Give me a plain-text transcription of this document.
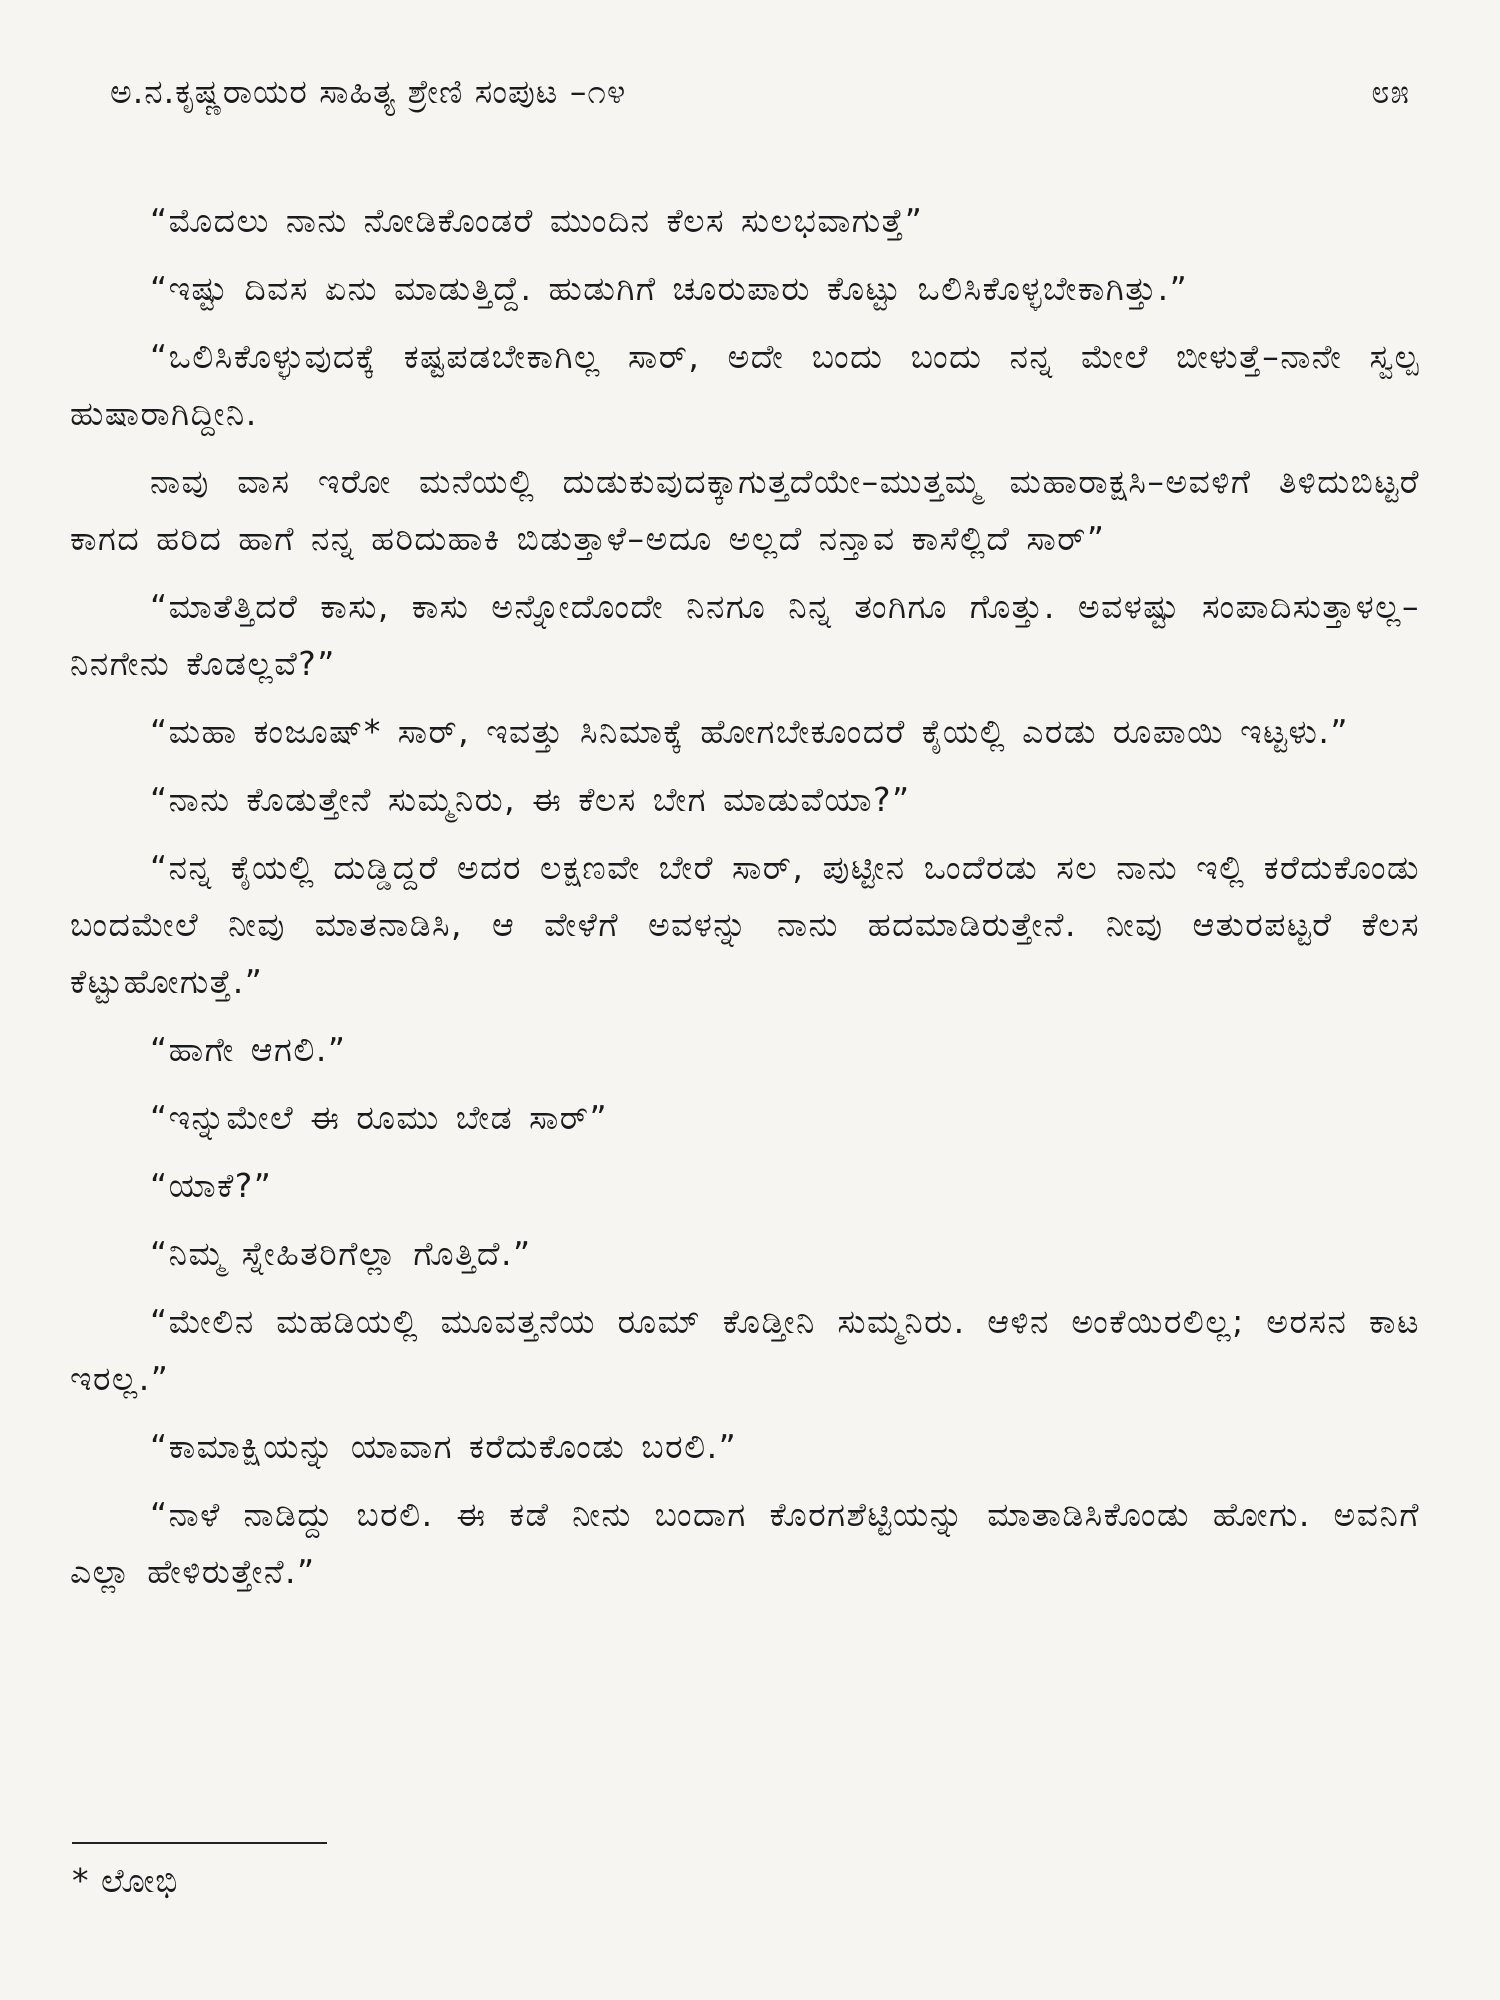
ಅ.ನ.ಕೃಷ್ಣರಾಯರ ಸಾಹಿತ್ಯ ಶ್ರೇಣಿ ಸಂಪುಟ –೧೪	೮೫

“ಮೊದಲು ನಾನು ನೋಡಿಕೊಂಡರೆ ಮುಂದಿನ ಕೆಲಸ ಸುಲಭವಾಗುತ್ತೆ”

“ಇಷ್ಟು ದಿವಸ ಏನು ಮಾಡುತ್ತಿದ್ದೆ. ಹುಡುಗಿಗೆ ಚೂರುಪಾರು ಕೊಟ್ಟು ಒಲಿಸಿಕೊಳ್ಳಬೇಕಾಗಿತ್ತು.”

“ಒಲಿಸಿಕೊಳ್ಳುವುದಕ್ಕೆ ಕಷ್ಟಪಡಬೇಕಾಗಿಲ್ಲ ಸಾರ್, ಅದೇ ಬಂದು ಬಂದು ನನ್ನ ಮೇಲೆ ಬೀಳುತ್ತೆ–ನಾನೇ ಸ್ವಲ್ಪ ಹುಷಾರಾಗಿದ್ದೀನಿ.

ನಾವು ವಾಸ ಇರೋ ಮನೆಯಲ್ಲಿ ದುಡುಕುವುದಕ್ಕಾಗುತ್ತದೆಯೇ–ಮುತ್ತಮ್ಮ ಮಹಾರಾಕ್ಷಸಿ–ಅವಳಿಗೆ ತಿಳಿದುಬಿಟ್ಟರೆ ಕಾಗದ ಹರಿದ ಹಾಗೆ ನನ್ನ ಹರಿದುಹಾಕಿ ಬಿಡುತ್ತಾಳೆ–ಅದೂ ಅಲ್ಲದೆ ನನ್ತಾವ ಕಾಸೆಲ್ಲಿದೆ ಸಾರ್”

“ಮಾತೆತ್ತಿದರೆ ಕಾಸು, ಕಾಸು ಅನ್ನೋದೊಂದೇ ನಿನಗೂ ನಿನ್ನ ತಂಗಿಗೂ ಗೊತ್ತು. ಅವಳಷ್ಟು ಸಂಪಾದಿಸುತ್ತಾಳಲ್ಲ–ನಿನಗೇನು ಕೊಡಲ್ಲವೆ?”

“ಮಹಾ ಕಂಜೂಷ್* ಸಾರ್, ಇವತ್ತು ಸಿನಿಮಾಕ್ಕೆ ಹೋಗಬೇಕೂಂದರೆ ಕೈಯಲ್ಲಿ ಎರಡು ರೂಪಾಯಿ ಇಟ್ಟಳು.”

“ನಾನು ಕೊಡುತ್ತೇನೆ ಸುಮ್ಮನಿರು, ಈ ಕೆಲಸ ಬೇಗ ಮಾಡುವೆಯಾ?”

“ನನ್ನ ಕೈಯಲ್ಲಿ ದುಡ್ಡಿದ್ದರೆ ಅದರ ಲಕ್ಷಣವೇ ಬೇರೆ ಸಾರ್, ಪುಟ್ಟೀನ ಒಂದೆರಡು ಸಲ ನಾನು ಇಲ್ಲಿ ಕರೆದುಕೊಂಡು ಬಂದಮೇಲೆ ನೀವು ಮಾತನಾಡಿಸಿ, ಆ ವೇಳೆಗೆ ಅವಳನ್ನು ನಾನು ಹದಮಾಡಿರುತ್ತೇನೆ. ನೀವು ಆತುರಪಟ್ಟರೆ ಕೆಲಸ ಕೆಟ್ಟುಹೋಗುತ್ತೆ.”

“ಹಾಗೇ ಆಗಲಿ.”

“ಇನ್ನುಮೇಲೆ ಈ ರೂಮು ಬೇಡ ಸಾರ್”

“ಯಾಕೆ?”

“ನಿಮ್ಮ ಸ್ನೇಹಿತರಿಗೆಲ್ಲಾ ಗೊತ್ತಿದೆ.”

“ಮೇಲಿನ ಮಹಡಿಯಲ್ಲಿ ಮೂವತ್ತನೆಯ ರೂಮ್ ಕೊಡ್ತೀನಿ ಸುಮ್ಮನಿರು. ಆಳಿನ ಅಂಕೆಯಿರಲಿಲ್ಲ; ಅರಸನ ಕಾಟ ಇರಲ್ಲ.”

“ಕಾಮಾಕ್ಷಿಯನ್ನು ಯಾವಾಗ ಕರೆದುಕೊಂಡು ಬರಲಿ.”

“ನಾಳೆ ನಾಡಿದ್ದು ಬರಲಿ. ಈ ಕಡೆ ನೀನು ಬಂದಾಗ ಕೊರಗಶೆಟ್ಟಿಯನ್ನು ಮಾತಾಡಿಸಿಕೊಂಡು ಹೋಗು. ಅವನಿಗೆ ಎಲ್ಲಾ ಹೇಳಿರುತ್ತೇನೆ.”

* ಲೋಭಿ
